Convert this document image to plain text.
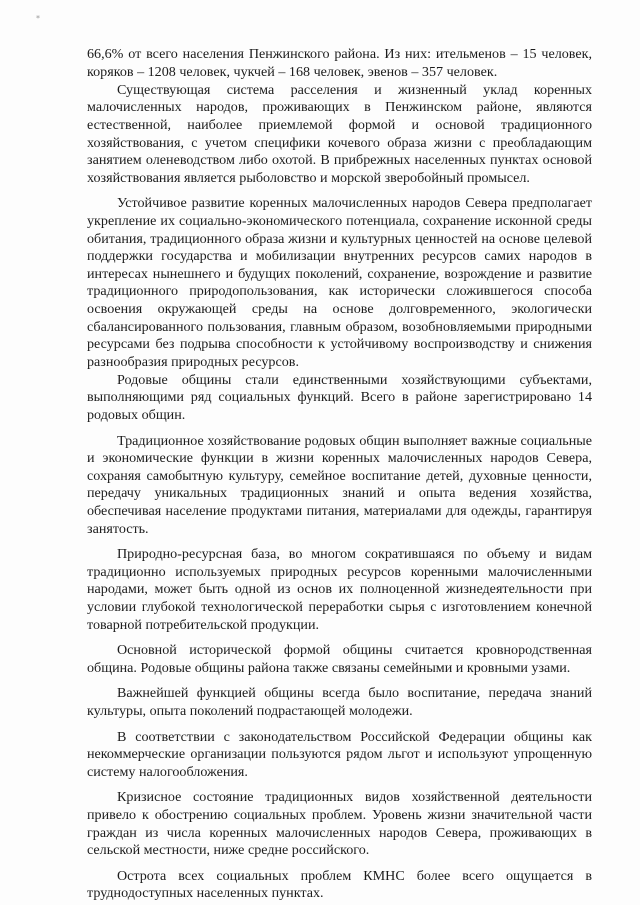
*

66,6% от всего населения Пенжинского района. Из них: ительменов – 15 человек, коряков – 1208 человек, чукчей – 168 человек, эвенов – 357 человек.

Существующая система расселения и жизненный уклад коренных малочисленных народов, проживающих в Пенжинском районе, являются естественной, наиболее приемлемой формой и основой традиционного хозяйствования, с учетом специфики кочевого образа жизни с преобладающим занятием оленеводством либо охотой. В прибрежных населенных пунктах основой хозяйствования является рыболовство и морской зверобойный промысел.

Устойчивое развитие коренных малочисленных народов Севера предполагает укрепление их социально-экономического потенциала, сохранение исконной среды обитания, традиционного образа жизни и культурных ценностей на основе целевой поддержки государства и мобилизации внутренних ресурсов самих народов в интересах нынешнего и будущих поколений, сохранение, возрождение и развитие традиционного природопользования, как исторически сложившегося способа освоения окружающей среды на основе долговременного, экологически сбалансированного пользования, главным образом, возобновляемыми природными ресурсами без подрыва способности к устойчивому воспроизводству и снижения разнообразия природных ресурсов.

Родовые общины стали единственными хозяйствующими субъектами, выполняющими ряд социальных функций. Всего в районе зарегистрировано 14 родовых общин.

Традиционное хозяйствование родовых общин выполняет важные социальные и экономические функции в жизни коренных малочисленных народов Севера, сохраняя самобытную культуру, семейное воспитание детей, духовные ценности, передачу уникальных традиционных знаний и опыта ведения хозяйства, обеспечивая население продуктами питания, материалами для одежды, гарантируя занятость.

Природно-ресурсная база, во многом сократившаяся по объему и видам традиционно используемых природных ресурсов коренными малочисленными народами, может быть одной из основ их полноценной жизнедеятельности при условии глубокой технологической переработки сырья с изготовлением конечной товарной потребительской продукции.

Основной исторической формой общины считается кровнородственная община. Родовые общины района также связаны семейными и кровными узами.

Важнейшей функцией общины всегда было воспитание, передача знаний культуры, опыта поколений подрастающей молодежи.

В соответствии с законодательством Российской Федерации общины как некоммерческие организации пользуются рядом льгот и используют упрощенную систему налогообложения.

Кризисное состояние традиционных видов хозяйственной деятельности привело к обострению социальных проблем. Уровень жизни значительной части граждан из числа коренных малочисленных народов Севера, проживающих в сельской местности, ниже средне российского.

Острота всех социальных проблем КМНС более всего ощущается в труднодоступных населенных пунктах.
